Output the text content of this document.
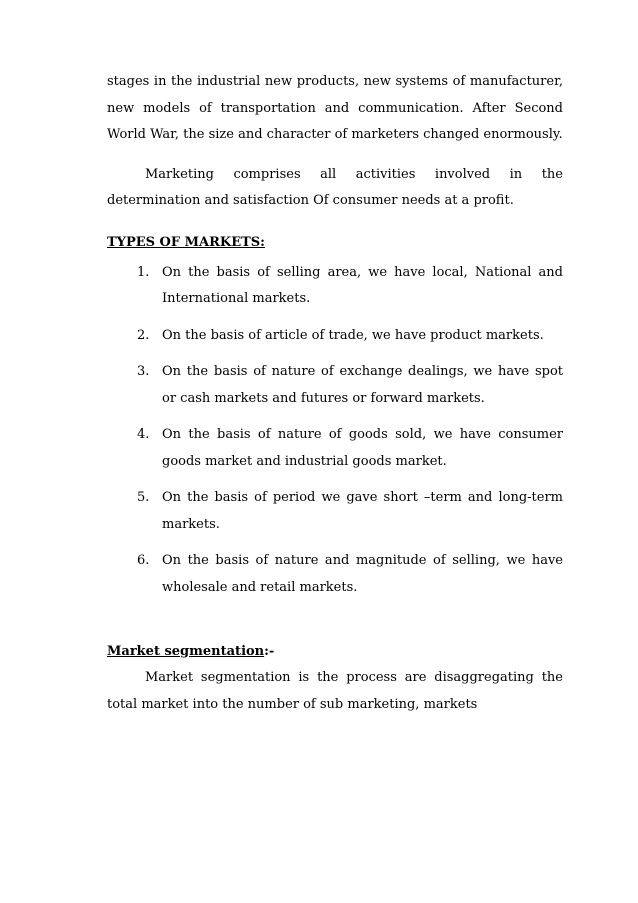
stages in the industrial new products, new systems of manufacturer, new models of transportation and communication. After Second World War, the size and character of marketers changed enormously.

Marketing comprises all activities involved in the determination and satisfaction Of consumer needs at a profit.

TYPES OF MARKETS:

1. On the basis of selling area, we have local, National and International markets.
2. On the basis of article of trade, we have product markets.
3. On the basis of nature of exchange dealings, we have spot or cash markets and futures or forward markets.
4. On the basis of nature of goods sold, we have consumer goods market and industrial goods market.
5. On the basis of period we gave short –term and long-term markets.
6. On the basis of nature and magnitude of selling, we have wholesale and retail markets.

Market segmentation:-

Market segmentation is the process are disaggregating the total market into the number of sub marketing, markets
